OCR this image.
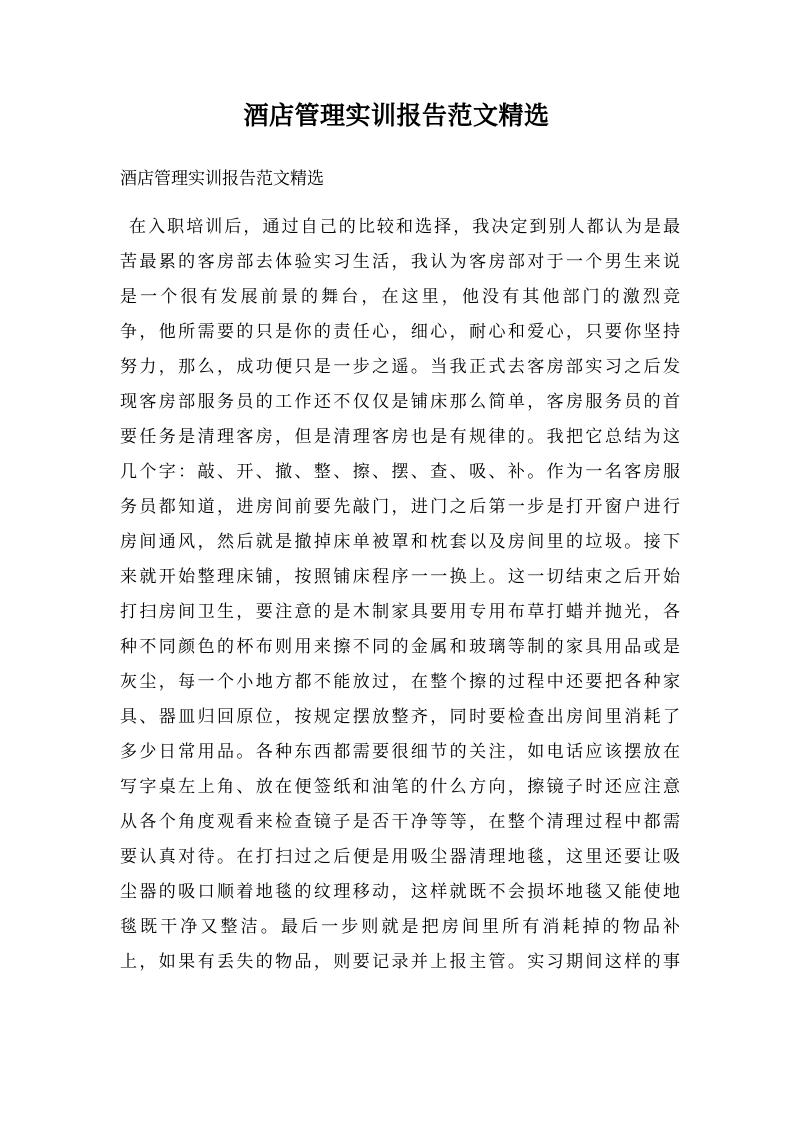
酒店管理实训报告范文精选
酒店管理实训报告范文精选
在入职培训后，通过自己的比较和选择，我决定到别人都认为是最
苦最累的客房部去体验实习生活，我认为客房部对于一个男生来说
是一个很有发展前景的舞台，在这里，他没有其他部门的激烈竞
争，他所需要的只是你的责任心，细心，耐心和爱心，只要你坚持
努力，那么，成功便只是一步之遥。当我正式去客房部实习之后发
现客房部服务员的工作还不仅仅是铺床那么简单，客房服务员的首
要任务是清理客房，但是清理客房也是有规律的。我把它总结为这
几个字：敲、开、撤、整、擦、摆、查、吸、补。作为一名客房服
务员都知道，进房间前要先敲门，进门之后第一步是打开窗户进行
房间通风，然后就是撤掉床单被罩和枕套以及房间里的垃圾。接下
来就开始整理床铺，按照铺床程序一一换上。这一切结束之后开始
打扫房间卫生，要注意的是木制家具要用专用布草打蜡并抛光，各
种不同颜色的杯布则用来擦不同的金属和玻璃等制的家具用品或是
灰尘，每一个小地方都不能放过，在整个擦的过程中还要把各种家
具、器皿归回原位，按规定摆放整齐，同时要检查出房间里消耗了
多少日常用品。各种东西都需要很细节的关注，如电话应该摆放在
写字桌左上角、放在便签纸和油笔的什么方向，擦镜子时还应注意
从各个角度观看来检查镜子是否干净等等，在整个清理过程中都需
要认真对待。在打扫过之后便是用吸尘器清理地毯，这里还要让吸
尘器的吸口顺着地毯的纹理移动，这样就既不会损坏地毯又能使地
毯既干净又整洁。最后一步则就是把房间里所有消耗掉的物品补
上，如果有丢失的物品，则要记录并上报主管。实习期间这样的事
